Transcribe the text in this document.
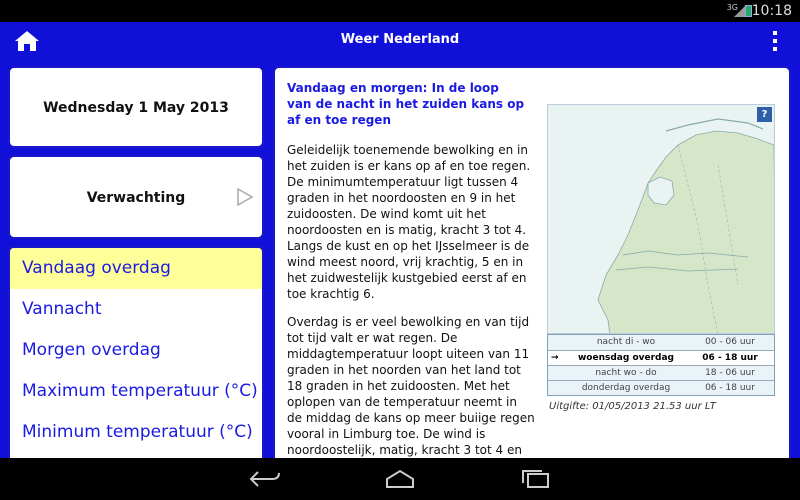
3G 10:18
Weer Nederland
Wednesday 1 May 2013
Verwachting
Vandaag overdag
Vannacht
Morgen overdag
Maximum temperatuur (°C)
Minimum temperatuur (°C)
Vandaag en morgen: In de loop van de nacht in het zuiden kans op af en toe regen
Geleidelijk toenemende bewolking en in het zuiden is er kans op af en toe regen. De minimumtemperatuur ligt tussen 4 graden in het noordoosten en 9 in het zuidoosten. De wind komt uit het noordoosten en is matig, kracht 3 tot 4. Langs de kust en op het IJsselmeer is de wind meest noord, vrij krachtig, 5 en in het zuidwestelijk kustgebied eerst af en toe krachtig 6.
Overdag is er veel bewolking en van tijd tot tijd valt er wat regen. De middagtemperatuur loopt uiteen van 11 graden in het noorden van het land tot 18 graden in het zuidoosten. Met het oplopen van de temperatuur neemt in de middag de kans op meer buiige regen vooral in Limburg toe. De wind is noordoostelijk, matig, kracht 3 tot 4 en
?
nacht di - wo	00 - 06 uur
→	woensdag overdag	06 - 18 uur
nacht wo - do	18 - 06 uur
donderdag overdag	06 - 18 uur
Uitgifte: 01/05/2013 21.53 uur LT
